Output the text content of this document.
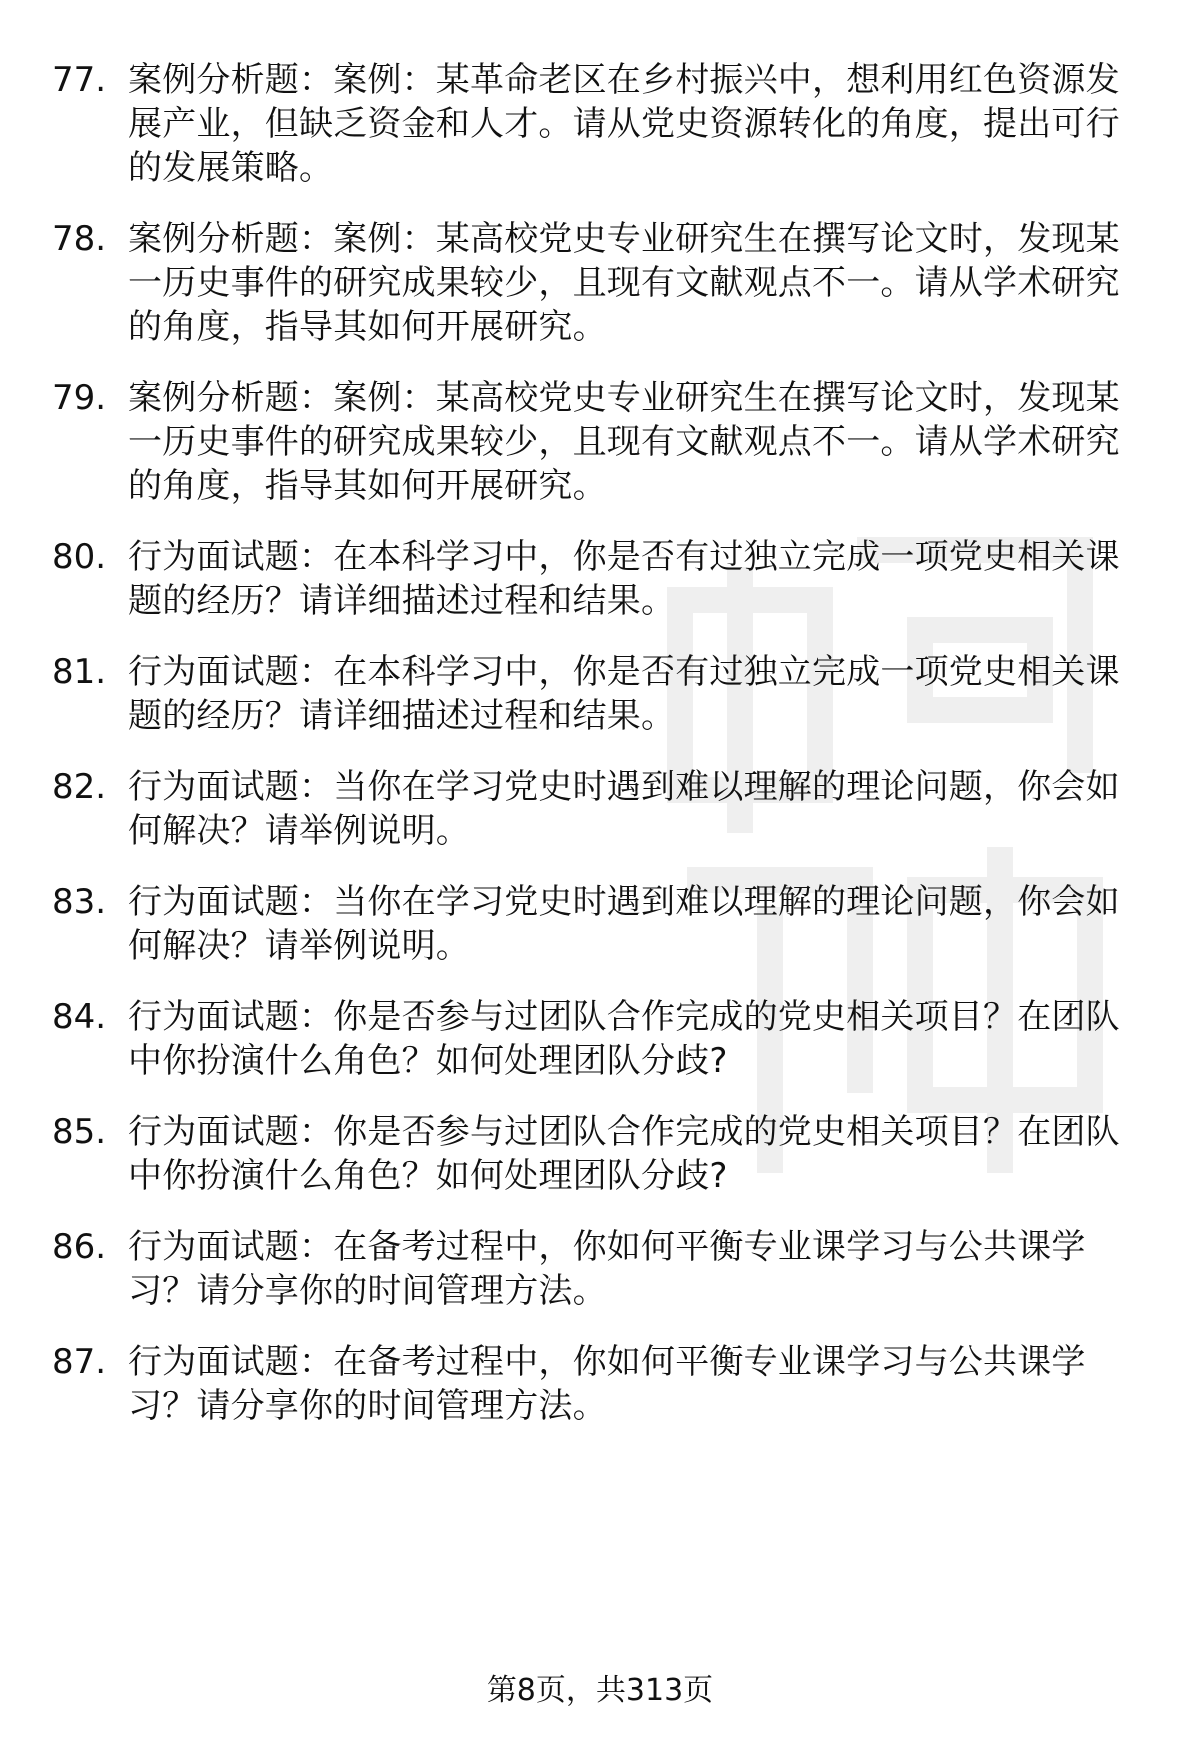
77. 案例分析题：案例：某革命老区在乡村振兴中，想利用红色资源发展产业，但缺乏资金和人才。请从党史资源转化的角度，提出可行的发展策略。
78. 案例分析题：案例：某高校党史专业研究生在撰写论文时，发现某一历史事件的研究成果较少，且现有文献观点不一。请从学术研究的角度，指导其如何开展研究。
79. 案例分析题：案例：某高校党史专业研究生在撰写论文时，发现某一历史事件的研究成果较少，且现有文献观点不一。请从学术研究的角度，指导其如何开展研究。
80. 行为面试题：在本科学习中，你是否有过独立完成一项党史相关课题的经历？请详细描述过程和结果。
81. 行为面试题：在本科学习中，你是否有过独立完成一项党史相关课题的经历？请详细描述过程和结果。
82. 行为面试题：当你在学习党史时遇到难以理解的理论问题，你会如何解决？请举例说明。
83. 行为面试题：当你在学习党史时遇到难以理解的理论问题，你会如何解决？请举例说明。
84. 行为面试题：你是否参与过团队合作完成的党史相关项目？在团队中你扮演什么角色？如何处理团队分歧?
85. 行为面试题：你是否参与过团队合作完成的党史相关项目？在团队中你扮演什么角色？如何处理团队分歧?
86. 行为面试题：在备考过程中，你如何平衡专业课学习与公共课学习？请分享你的时间管理方法。
87. 行为面试题：在备考过程中，你如何平衡专业课学习与公共课学习？请分享你的时间管理方法。
第8页，共313页
